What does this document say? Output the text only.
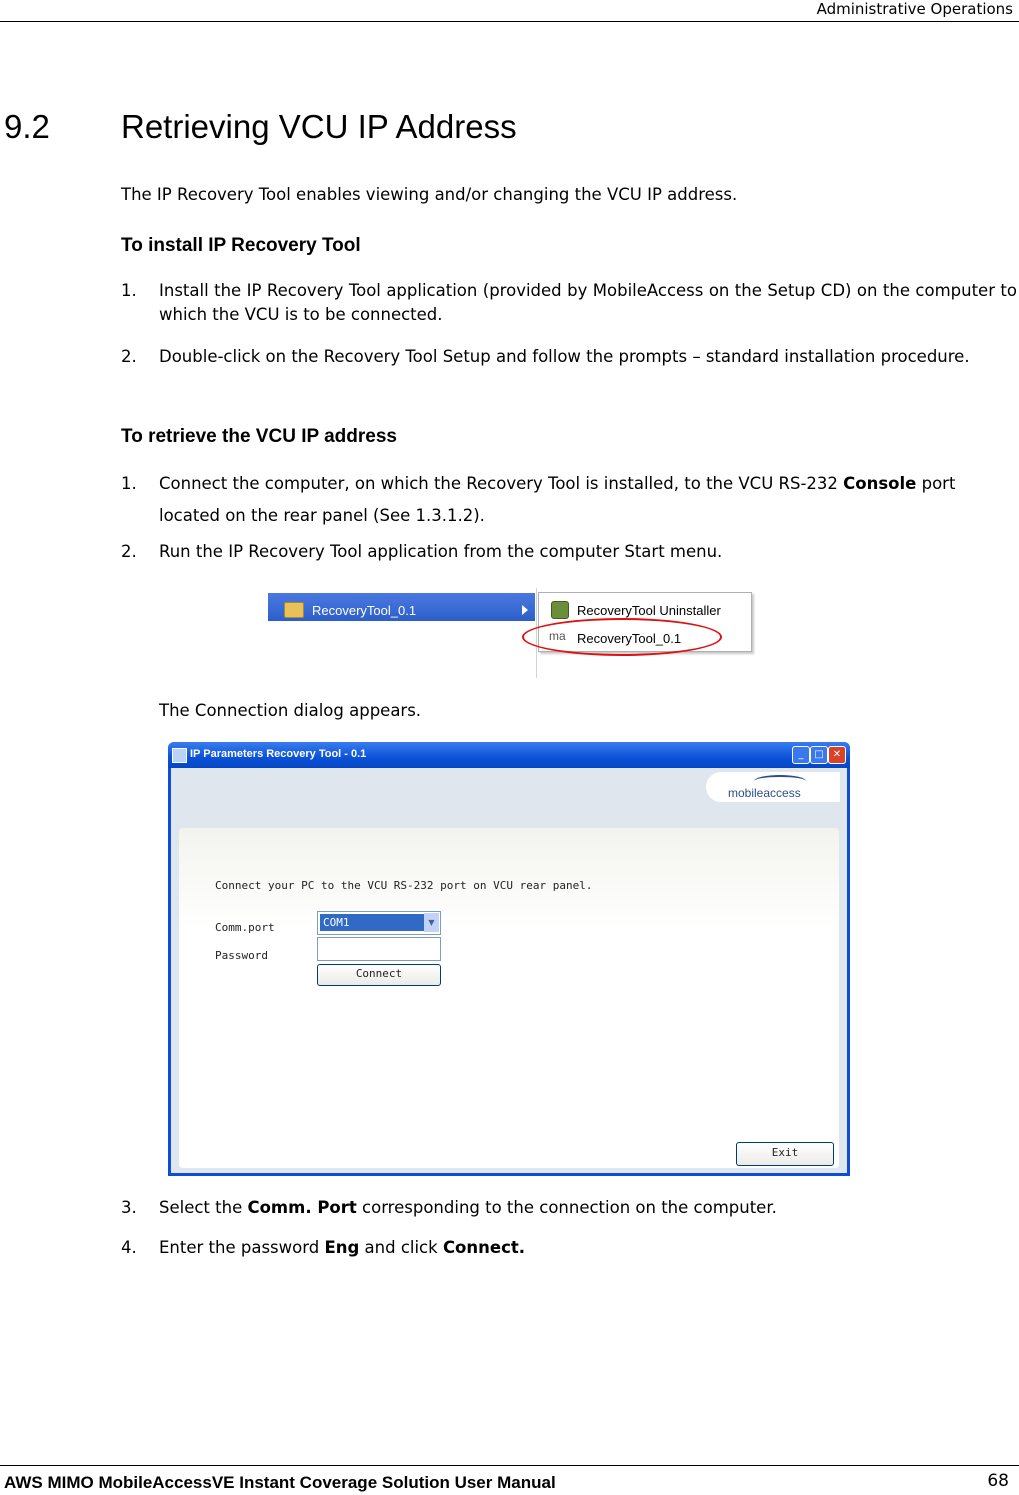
Administrative Operations
9.2 Retrieving VCU IP Address
The IP Recovery Tool enables viewing and/or changing the VCU IP address.
To install IP Recovery Tool
1. Install the IP Recovery Tool application (provided by MobileAccess on the Setup CD) on the computer to which the VCU is to be connected.
2. Double-click on the Recovery Tool Setup and follow the prompts – standard installation procedure.
To retrieve the VCU IP address
1. Connect the computer, on which the Recovery Tool is installed, to the VCU RS-232 Console port located on the rear panel (See 1.3.1.2).
2. Run the IP Recovery Tool application from the computer Start menu.
RecoveryTool_0.1	RecoveryTool Uninstaller
ma RecoveryTool_0.1
The Connection dialog appears.
IP Parameters Recovery Tool - 0.1	_	□ ✕
mobileaccess
Connect your PC to the VCU RS-232 port on VCU rear panel.
Comm.port	COM1	▼
Password
Connect
Exit
3. Select the Comm. Port corresponding to the connection on the computer.
4. Enter the password Eng and click Connect.
AWS MIMO MobileAccessVE Instant Coverage Solution User Manual	68
